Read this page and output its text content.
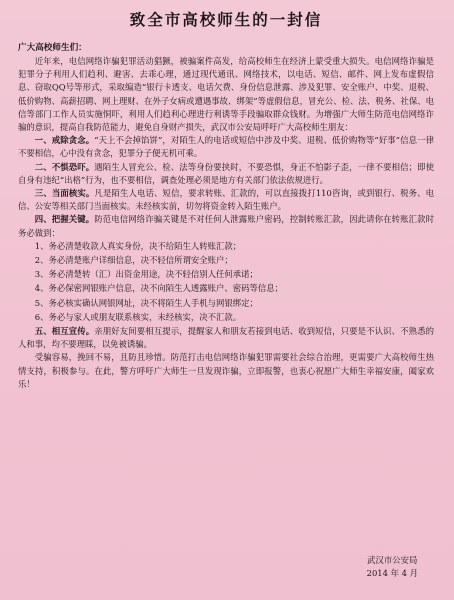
致全市高校师生的一封信
广大高校师生们：

近年来，电信网络诈骗犯罪活动猖獗，被骗案件高发，给高校师生在经济上蒙受重大损失。电信网络诈骗是犯罪分子利用人们趋利、避害、去乖心理，通过现代通讯、网络技术，以电话、短信、邮件、网上发布虚假信息、窃取QQ号等形式，采取编造“银行卡透支、电话欠费、身份信息泄露、涉及犯罪、安全账户、中奖、退税、低价购物、高薪招聘、网上理财、在外子女病或遭遇事故、绑架”等虚假信息，冒充公、检、法、税务、社保、电信等部门工作人员实施恫吓，利用人们趋利心理进行利诱等手段骗取群众钱财。为增强广大师生防范电信网络诈骗的意识，提高自我防范能力，避免自身财产损失，武汉市公安局呼吁广大高校师生朋友：

一、戒除贪念。“天上不会掉馅饼”，对陌生人的电话或短信中涉及中奖、退税、低价购物等“好事”信息一律不要相信，心中没有贪念，犯罪分子便无机可乘。

二、不惧恐吓。遇陌生人冒充公、检、法等身份要挟时，不要恐惧，身正不怕影子歪，一律不要相信；即使自身有违纪“出格”行为，也不要相信，调查处理必须是地方有关部门依法依规进行。

三、当面核实。凡是陌生人电话、短信，要求转账、汇款的，可以直接拨打110咨询，或到银行、税务、电信、公安等相关部门当面核实。未经核实前，切勿将资金转入陌生账户。

四、把握关键。防范电信网络诈骗关键是不对任何人泄露账户密码，控制转账汇款，因此请你在转账汇款时务必做到：

1、务必清楚收款人真实身份，决不给陌生人转账汇款；

2、务必清楚账户详细信息，决不轻信所谓安全账户；

3、务必清楚转（汇）出资金用途，决不轻信别人任何承诺；

4、务必保密网银账户信息，决不向陌生人透露账户、密码等信息；

5、务必核实确认网银网址，决不将陌生人手机与网银绑定；

6、务必与家人或朋友联系核实，未经核实，决不汇款。

五、相互宣传。亲朋好友间要相互提示，提醒家人和朋友若接到电话、收到短信，只要是不认识、不熟悉的人和事，均不要理睬，以免被诱骗。

受骗容易，挽回不易，且防且珍惜。防范打击电信网络诈骗犯罪需要社会综合治理，更需要广大高校师生热情支持，积极参与。在此，警方呼吁广大师生一旦发现诈骗，立即报警，也衷心祝愿广大师生幸福安康，阖家欢乐！

武汉市公安局
2014 年 4 月
